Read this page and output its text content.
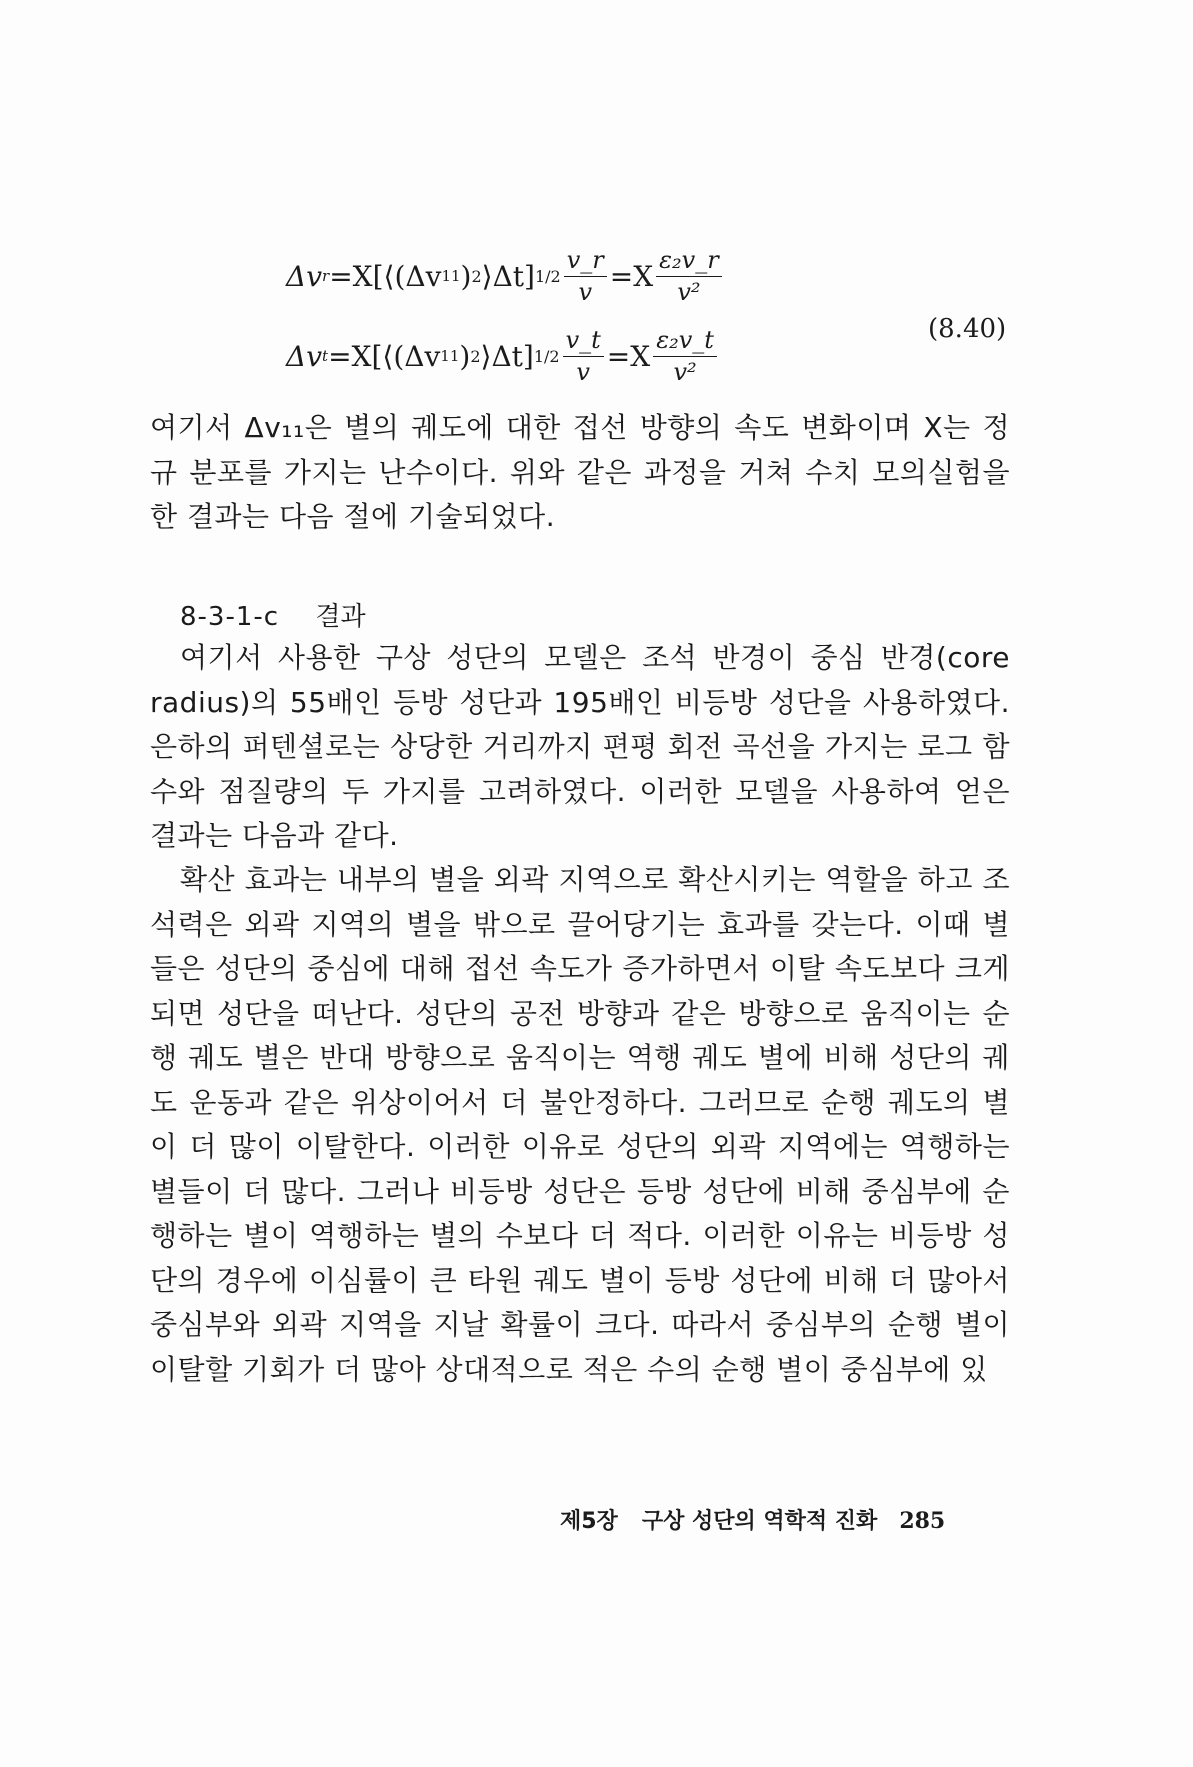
Δv r =X[⟨(Δv 11 ) 2 ⟩Δt] $1/2 \frac{v\_r}{v} =X \frac{\text{ε₂v\_r}}{\text{v²}}$
Δv t =X[⟨(Δv 11 ) 2 ⟩Δt] $1/2 \frac{v\_t}{v} =X \frac{\text{ε₂v\_t}}{\text{v²}}$	(8.40)

여기서 Δv₁₁은 별의 궤도에 대한 접선 방향의 속도 변화이며 X는 정규 분포를 가지는 난수이다. 위와 같은 과정을 거쳐 수치 모의실험을 한 결과는 다음 절에 기술되었다.

8-3-1-c 결과

여기서 사용한 구상 성단의 모델은 조석 반경이 중심 반경(core radius)의 55배인 등방 성단과 195배인 비등방 성단을 사용하였다. 은하의 퍼텐셜로는 상당한 거리까지 편평 회전 곡선을 가지는 로그 함수와 점질량의 두 가지를 고려하였다. 이러한 모델을 사용하여 얻은 결과는 다음과 같다.

확산 효과는 내부의 별을 외곽 지역으로 확산시키는 역할을 하고 조석력은 외곽 지역의 별을 밖으로 끌어당기는 효과를 갖는다. 이때 별들은 성단의 중심에 대해 접선 속도가 증가하면서 이탈 속도보다 크게 되면 성단을 떠난다. 성단의 공전 방향과 같은 방향으로 움직이는 순행 궤도 별은 반대 방향으로 움직이는 역행 궤도 별에 비해 성단의 궤도 운동과 같은 위상이어서 더 불안정하다. 그러므로 순행 궤도의 별이 더 많이 이탈한다. 이러한 이유로 성단의 외곽 지역에는 역행하는 별들이 더 많다. 그러나 비등방 성단은 등방 성단에 비해 중심부에 순행하는 별이 역행하는 별의 수보다 더 적다. 이러한 이유는 비등방 성단의 경우에 이심률이 큰 타원 궤도 별이 등방 성단에 비해 더 많아서 중심부와 외곽 지역을 지날 확률이 크다. 따라서 중심부의 순행 별이 이탈할 기회가 더 많아 상대적으로 적은 수의 순행 별이 중심부에 있

제5장 구상 성단의 역학적 진화 285
